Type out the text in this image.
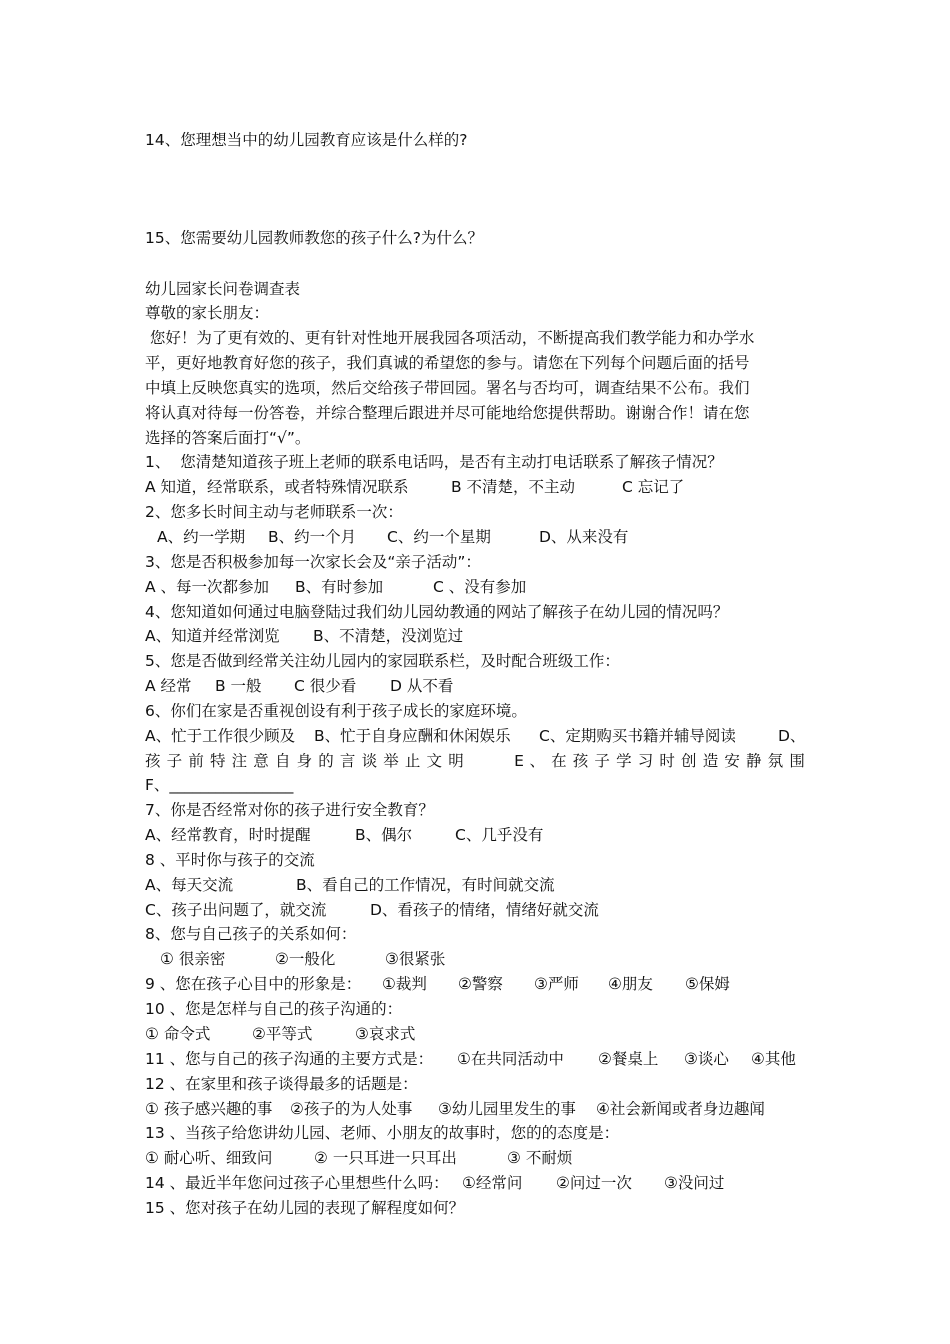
14、您理想当中的幼儿园教育应该是什么样的?
15、您需要幼儿园教师教您的孩子什么?为什么？
幼儿园家长问卷调查表
尊敬的家长朋友：
您好！为了更有效的、更有针对性地开展我园各项活动，不断提高我们教学能力和办学水
平，更好地教育好您的孩子，我们真诚的希望您的参与。请您在下列每个问题后面的括号
中填上反映您真实的选项，然后交给孩子带回园。署名与否均可，调查结果不公布。我们
将认真对待每一份答卷，并综合整理后跟进并尽可能地给您提供帮助。谢谢合作！请在您
选择的答案后面打“√”。
1、  您清楚知道孩子班上老师的联系电话吗，是否有主动打电话联系了解孩子情况？
A 知道，经常联系，或者特殊情况联系	B 不清楚，不主动	C 忘记了
2、您多长时间主动与老师联系一次：
A、约一学期 B、约一个月 C、约一个星期	D、从来没有
3、您是否积极参加每一次家长会及“亲子活动”：
A 、每一次都参加 B、有时参加	C 、没有参加
4、您知道如何通过电脑登陆过我们幼儿园幼教通的网站了解孩子在幼儿园的情况吗？
A、知道并经常浏览 B、不清楚，没浏览过
5、您是否做到经常关注幼儿园内的家园联系栏，及时配合班级工作：
A 经常 B 一般 C 很少看 D 从不看
6、你们在家是否重视创设有利于孩子成长的家庭环境。
A、忙于工作很少顾及 B、忙于自身应酬和休闲娱乐 C、定期购买书籍并辅导阅读	D、
孩 子 前 特 注 意 自 身 的 言 谈 举 止 文 明	E 、 在 孩 子 学 习 时 创 造 安 静 氛 围
F、________________
7、你是否经常对你的孩子进行安全教育？
A、经常教育，时时提醒	B、偶尔	C、几乎没有
8 、平时你与孩子的交流
A、每天交流	B、看自己的工作情况，有时间就交流
C、孩子出问题了，就交流	D、看孩子的情绪，情绪好就交流
8、您与自己孩子的关系如何：
① 很亲密	②一般化	③很紧张
9 、您在孩子心目中的形象是： ①裁判 ②警察 ③严师 ④朋友 ⑤保姆
10 、您是怎样与自己的孩子沟通的：
① 命令式	②平等式	③哀求式
11 、您与自己的孩子沟通的主要方式是： ①在共同活动中 ②餐桌上 ③谈心 ④其他
12 、在家里和孩子谈得最多的话题是：
① 孩子感兴趣的事 ②孩子的为人处事 ③幼儿园里发生的事 ④社会新闻或者身边趣闻
13 、当孩子给您讲幼儿园、老师、小朋友的故事时，您的的态度是：
① 耐心听、细致问	② 一只耳进一只耳出	③ 不耐烦
14 、最近半年您问过孩子心里想些什么吗： ①经常问 ②问过一次 ③没问过
15 、您对孩子在幼儿园的表现了解程度如何？
